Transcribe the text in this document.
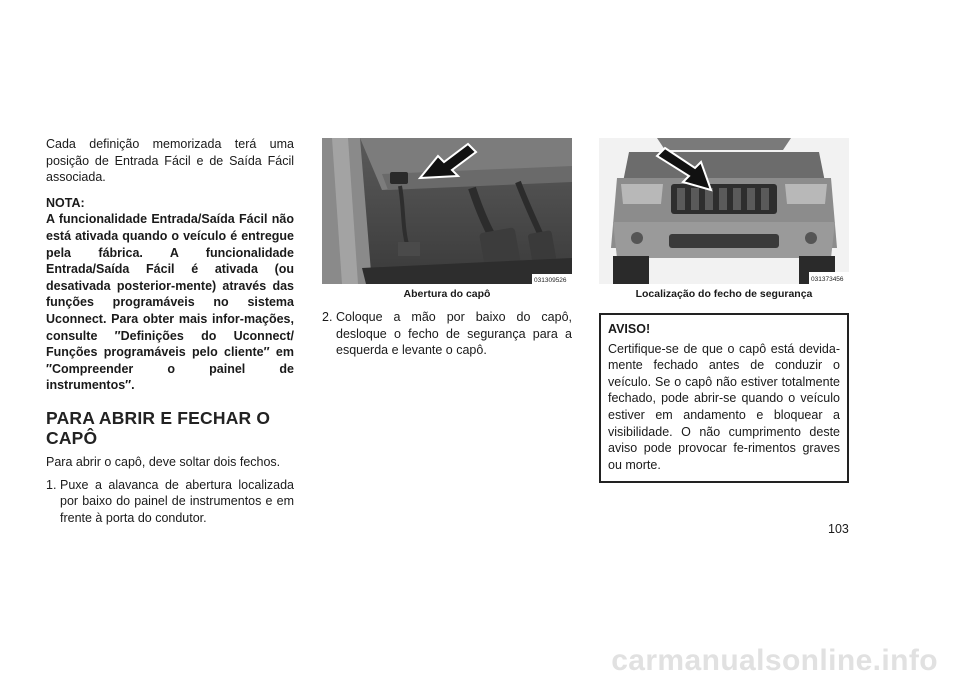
Cada definição memorizada terá uma posição de Entrada Fácil e de Saída Fácil associada.

NOTA:

A funcionalidade Entrada/Saída Fácil não está ativada quando o veículo é entregue pela fábrica. A funcionalidade Entrada/Saída Fácil é ativada (ou desativada posterior-mente) através das funções programáveis no sistema Uconnect. Para obter mais infor-mações, consulte ″Definições do Uconnect/ Funções programáveis pelo cliente″ em ″Compreender o painel de instrumentos″.

PARA ABRIR E FECHAR O CAPÔ

Para abrir o capô, deve soltar dois fechos.

1. Puxe a alavanca de abertura localizada por baixo do painel de instrumentos e em frente à porta do condutor.
031309526
Abertura do capô
2. Coloque a mão por baixo do capô, desloque o fecho de segurança para a esquerda e levante o capô.
031373456
Localização do fecho de segurança
AVISO!

Certifique-se de que o capô está devida-mente fechado antes de conduzir o veículo. Se o capô não estiver totalmente fechado, pode abrir-se quando o veículo estiver em andamento e bloquear a visibilidade. O não cumprimento deste aviso pode provocar fe-rimentos graves ou morte.

103
carmanualsonline.info
